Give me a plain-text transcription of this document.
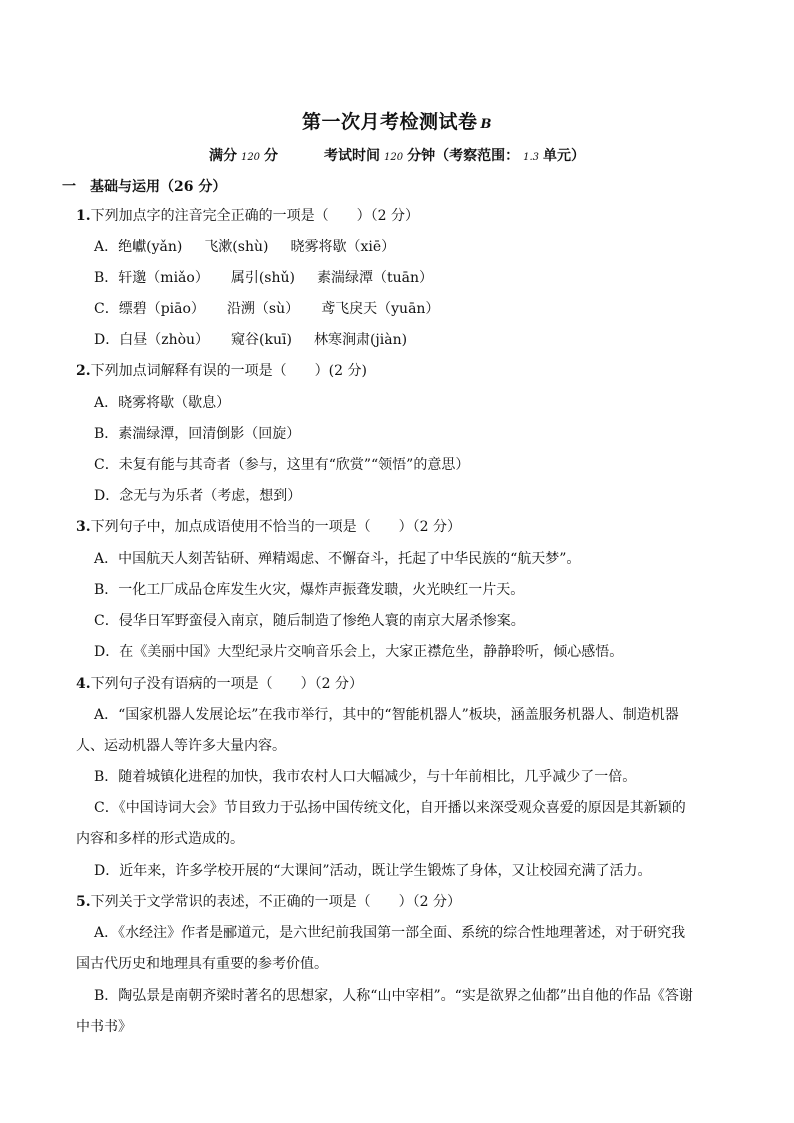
第一次月考检测试卷 B
满分 120 分	考试时间 120 分钟（考察范围： 1.3 单元）
一　基础与运用（26 分）
1.下列加点字的注音完全正确的一项是（　　）（2 分）
A．绝巘(yǎn) 飞漱(shù) 晓雾将歇（xiē）
B．轩邈（miǎo） 属引(shǔ) 素湍绿潭（tuān）
C．缥碧（piāo） 沿溯（sù） 鸢飞戾天（yuān）
D．白昼（zhòu） 窥谷(kuī) 林寒涧肃(jiàn)
2.下列加点词解释有误的一项是（　　）(2 分)
A．晓雾将歇（歇息）
B．素湍绿潭，回清倒影（回旋）
C．未复有能与其奇者（参与，这里有“欣赏”“领悟”的意思）
D．念无与为乐者（考虑，想到）
3.下列句子中，加点成语使用不恰当的一项是（　　）（2 分）
A．中国航天人刻苦钻研、殚精竭虑、不懈奋斗，托起了中华民族的“航天梦”。
B．一化工厂成品仓库发生火灾，爆炸声振聋发聩，火光映红一片天。
C．侵华日军野蛮侵入南京，随后制造了惨绝人寰的南京大屠杀惨案。
D．在《美丽中国》大型纪录片交响音乐会上，大家正襟危坐，静静聆听，倾心感悟。
4.下列句子没有语病的一项是（　　）（2 分）
A．“国家机器人发展论坛”在我市举行，其中的“智能机器人”板块，涵盖服务机器人、制造机器
人、运动机器人等许多大量内容。
B．随着城镇化进程的加快，我市农村人口大幅减少，与十年前相比，几乎减少了一倍。
C．《中国诗词大会》节目致力于弘扬中国传统文化，自开播以来深受观众喜爱的原因是其新颖的
内容和多样的形式造成的。
D．近年来，许多学校开展的“大课间”活动，既让学生锻炼了身体，又让校园充满了活力。
5.下列关于文学常识的表述，不正确的一项是（　　）（2 分）
A．《水经注》作者是郦道元，是六世纪前我国第一部全面、系统的综合性地理著述，对于研究我
国古代历史和地理具有重要的参考价值。
B．陶弘景是南朝齐梁时著名的思想家，人称“山中宰相”。“实是欲界之仙都”出自他的作品《答谢
中书书》
